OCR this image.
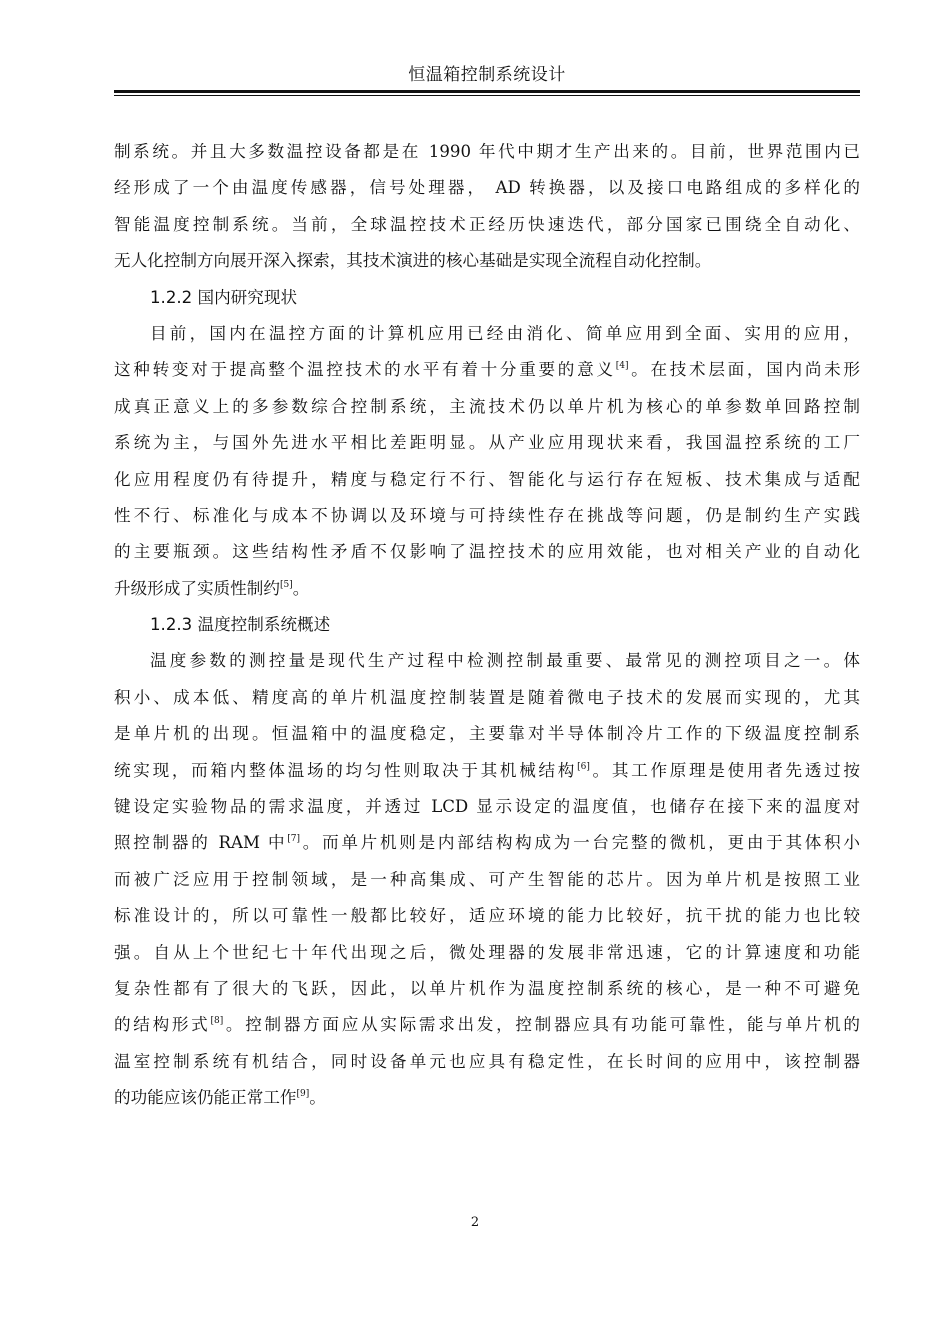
恒温箱控制系统设计
制系统。并且大多数温控设备都是在 1990 年代中期才生产出来的。目前，世界范围内已
经形成了一个由温度传感器，信号处理器， AD 转换器，以及接口电路组成的多样化的
智能温度控制系统。当前，全球温控技术正经历快速迭代，部分国家已围绕全自动化、
无人化控制方向展开深入探索，其技术演进的核心基础是实现全流程自动化控制。
1.2.2 国内研究现状
目前，国内在温控方面的计算机应用已经由消化、简单应用到全面、实用的应用，
这种转变对于提高整个温控技术的水平有着十分重要的意义[4]。在技术层面，国内尚未形
成真正意义上的多参数综合控制系统，主流技术仍以单片机为核心的单参数单回路控制
系统为主，与国外先进水平相比差距明显。从产业应用现状来看，我国温控系统的工厂
化应用程度仍有待提升，精度与稳定行不行、智能化与运行存在短板、技术集成与适配
性不行、标准化与成本不协调以及环境与可持续性存在挑战等问题，仍是制约生产实践
的主要瓶颈。这些结构性矛盾不仅影响了温控技术的应用效能，也对相关产业的自动化
升级形成了实质性制约[5]。
1.2.3 温度控制系统概述
温度参数的测控量是现代生产过程中检测控制最重要、最常见的测控项目之一。体
积小、成本低、精度高的单片机温度控制装置是随着微电子技术的发展而实现的，尤其
是单片机的出现。恒温箱中的温度稳定，主要靠对半导体制冷片工作的下级温度控制系
统实现，而箱内整体温场的均匀性则取决于其机械结构[6]。其工作原理是使用者先透过按
键设定实验物品的需求温度，并透过 LCD 显示设定的温度值，也储存在接下来的温度对
照控制器的 RAM 中[7]。而单片机则是内部结构构成为一台完整的微机，更由于其体积小
而被广泛应用于控制领域，是一种高集成、可产生智能的芯片。因为单片机是按照工业
标准设计的，所以可靠性一般都比较好，适应环境的能力比较好，抗干扰的能力也比较
强。自从上个世纪七十年代出现之后，微处理器的发展非常迅速，它的计算速度和功能
复杂性都有了很大的飞跃，因此，以单片机作为温度控制系统的核心，是一种不可避免
的结构形式[8]。控制器方面应从实际需求出发，控制器应具有功能可靠性，能与单片机的
温室控制系统有机结合，同时设备单元也应具有稳定性，在长时间的应用中，该控制器
的功能应该仍能正常工作[9]。
2
